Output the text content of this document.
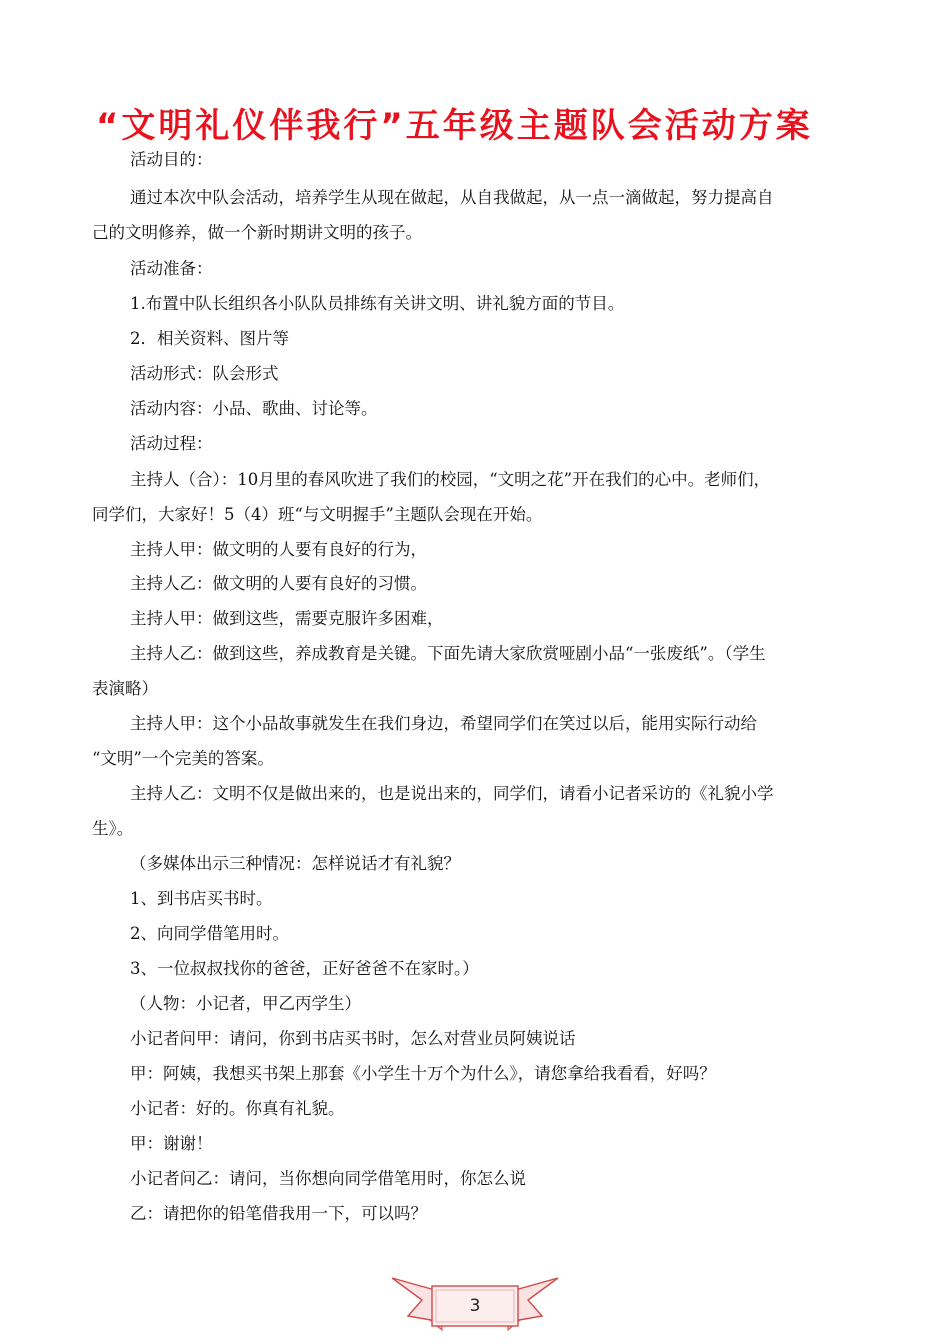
“文明礼仪伴我行”五年级主题队会活动方案
活动目的：
通过本次中队会活动，培养学生从现在做起，从自我做起，从一点一滴做起，努力提高自
己的文明修养，做一个新时期讲文明的孩子。
活动准备：
1.布置中队长组织各小队队员排练有关讲文明、讲礼貌方面的节目。
2．相关资料、图片等
活动形式：队会形式
活动内容：小品、歌曲、讨论等。
活动过程：
主持人（合）：10月里的春风吹进了我们的校园，“文明之花”开在我们的心中。老师们，
同学们，大家好！5（4）班“与文明握手”主题队会现在开始。
主持人甲：做文明的人要有良好的行为，
主持人乙：做文明的人要有良好的习惯。
主持人甲：做到这些，需要克服许多困难，
主持人乙：做到这些，养成教育是关键。下面先请大家欣赏哑剧小品“一张废纸”。（学生
表演略）
主持人甲：这个小品故事就发生在我们身边，希望同学们在笑过以后，能用实际行动给
“文明”一个完美的答案。
主持人乙：文明不仅是做出来的，也是说出来的，同学们，请看小记者采访的《礼貌小学
生》。
（多媒体出示三种情况：怎样说话才有礼貌？
1、到书店买书时。
2、向同学借笔用时。
3、一位叔叔找你的爸爸，正好爸爸不在家时。）
（人物：小记者，甲乙丙学生）
小记者问甲：请问，你到书店买书时，怎么对营业员阿姨说话
甲：阿姨，我想买书架上那套《小学生十万个为什么》，请您拿给我看看，好吗？
小记者：好的。你真有礼貌。
甲：谢谢！
小记者问乙：请问，当你想向同学借笔用时，你怎么说
乙：请把你的铅笔借我用一下，可以吗？
3
